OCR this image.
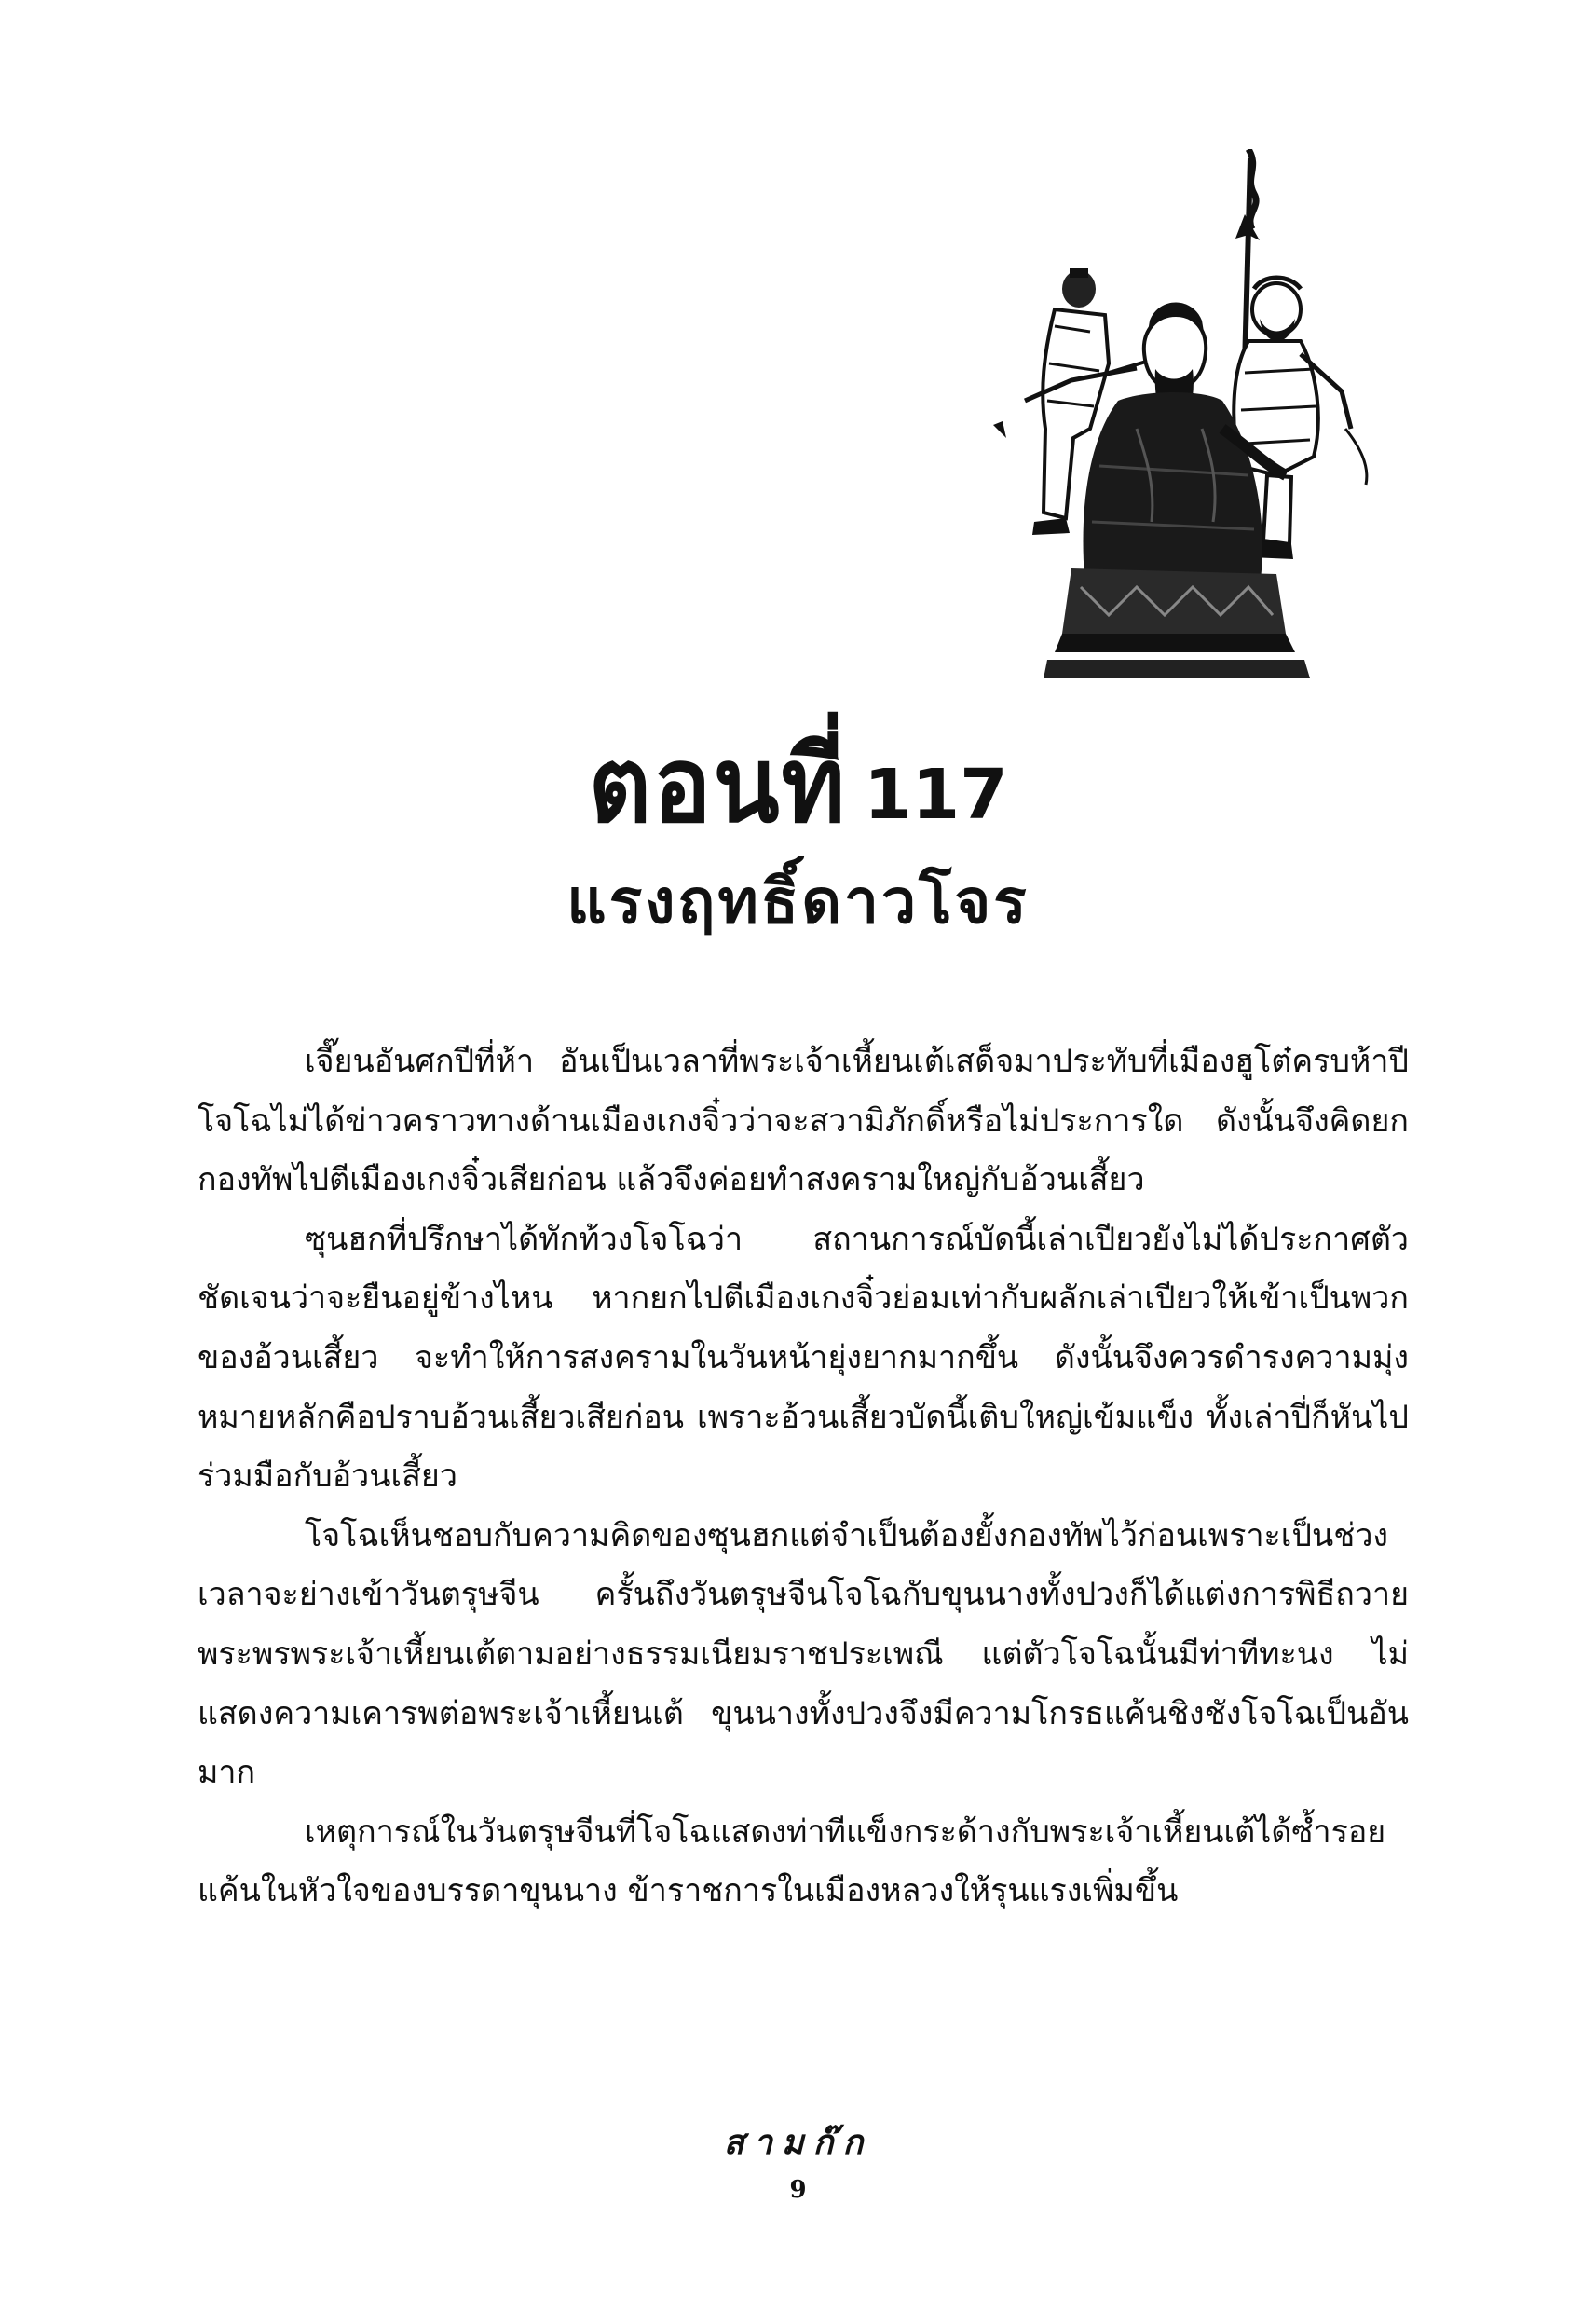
ตอนที่ 117
แรงฤทธิ์ดาวโจร

เจี๊ยนอันศกปีที่ห้า อันเป็นเวลาที่พระเจ้าเหี้ยนเต้เสด็จมาประทับที่เมืองฮูโต๋ครบห้าปี โจโฉไม่ได้ข่าวคราวทางด้านเมืองเกงจิ๋วว่าจะสวามิภักดิ์หรือไม่ประการใด ดังนั้นจึงคิดยกกองทัพไปตีเมืองเกงจิ๋วเสียก่อน แล้วจึงค่อยทำสงครามใหญ่กับอ้วนเสี้ยว

ซุนฮกที่ปรึกษาได้ทักท้วงโจโฉว่า สถานการณ์บัดนี้เล่าเปียวยังไม่ได้ประกาศตัวชัดเจนว่าจะยืนอยู่ข้างไหน หากยกไปตีเมืองเกงจิ๋วย่อมเท่ากับผลักเล่าเปียวให้เข้าเป็นพวกของอ้วนเสี้ยว จะทำให้การสงครามในวันหน้ายุ่งยากมากขึ้น ดังนั้นจึงควรดำรงความมุ่งหมายหลักคือปราบอ้วนเสี้ยวเสียก่อน เพราะอ้วนเสี้ยวบัดนี้เติบใหญ่เข้มแข็ง ทั้งเล่าปี่ก็หันไปร่วมมือกับอ้วนเสี้ยว

โจโฉเห็นชอบกับความคิดของซุนฮกแต่จำเป็นต้องยั้งกองทัพไว้ก่อนเพราะเป็นช่วงเวลาจะย่างเข้าวันตรุษจีน ครั้นถึงวันตรุษจีนโจโฉกับขุนนางทั้งปวงก็ได้แต่งการพิธีถวายพระพรพระเจ้าเหี้ยนเต้ตามอย่างธรรมเนียมราชประเพณี แต่ตัวโจโฉนั้นมีท่าทีทะนง ไม่แสดงความเคารพต่อพระเจ้าเหี้ยนเต้ ขุนนางทั้งปวงจึงมีความโกรธแค้นชิงชังโจโฉเป็นอันมาก

เหตุการณ์ในวันตรุษจีนที่โจโฉแสดงท่าทีแข็งกระด้างกับพระเจ้าเหี้ยนเต้ได้ซ้ำรอยแค้นในหัวใจของบรรดาขุนนาง ข้าราชการในเมืองหลวงให้รุนแรงเพิ่มขึ้น

สามก๊ก
9
